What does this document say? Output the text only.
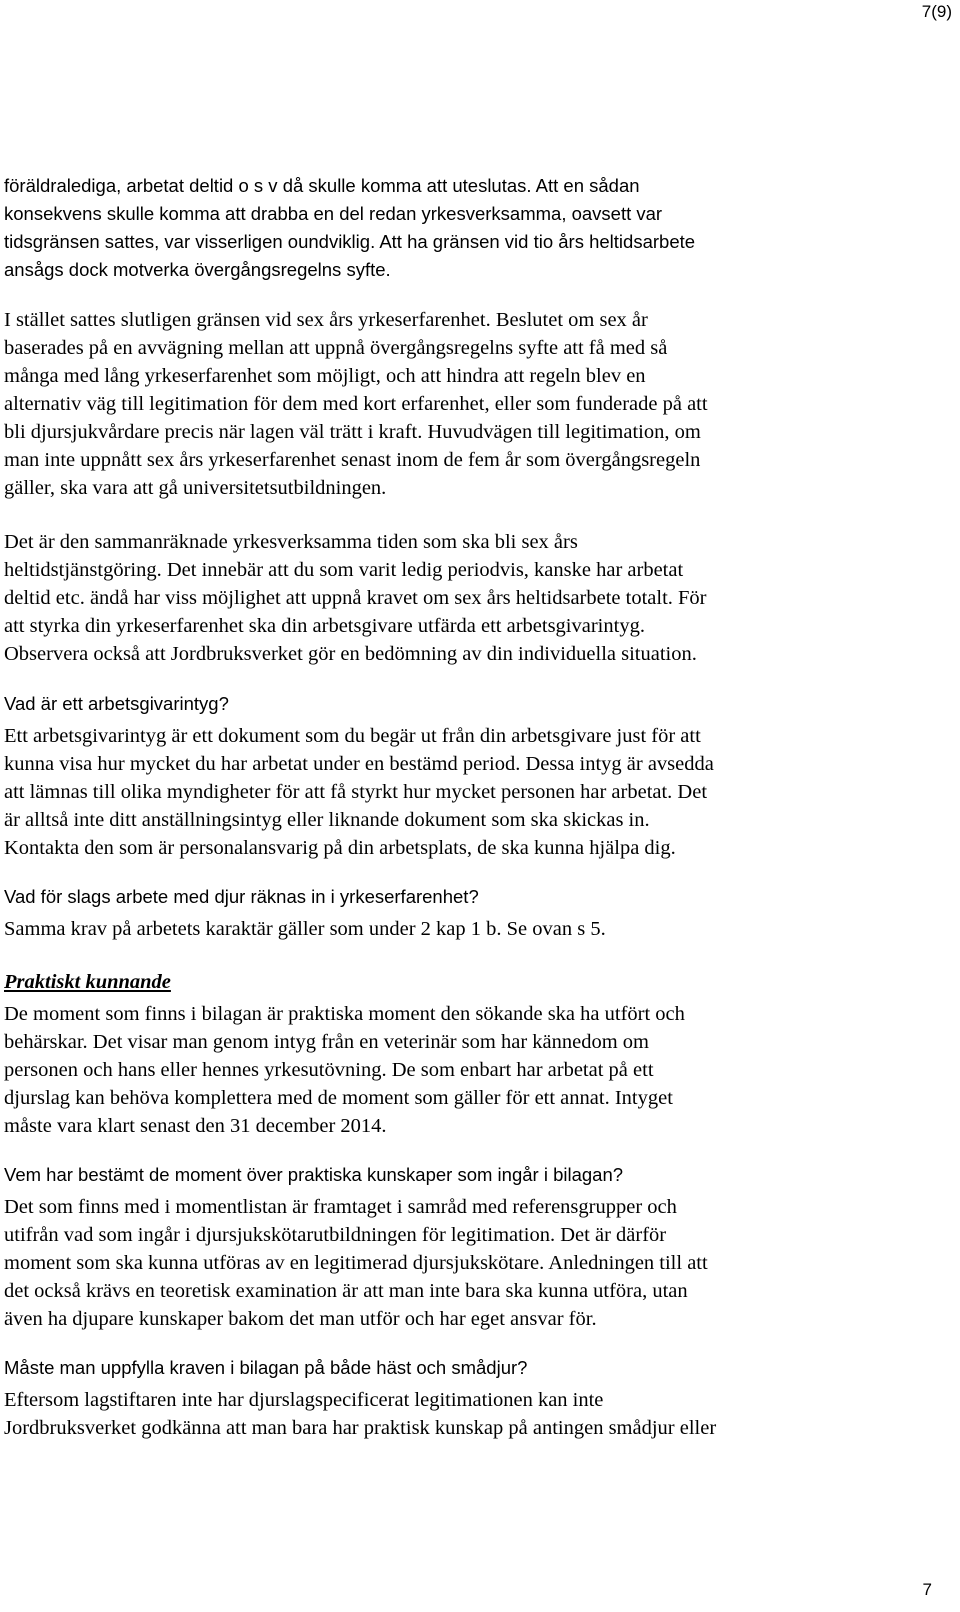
7(9)
föräldralediga, arbetat deltid o s v då skulle komma att uteslutas. Att en sådan
konsekvens skulle komma att drabba en del redan yrkesverksamma, oavsett var
tidsgränsen sattes, var visserligen oundviklig. Att ha gränsen vid tio års heltidsarbete
ansågs dock motverka övergångsregelns syfte.
I stället sattes slutligen gränsen vid sex års yrkeserfarenhet. Beslutet om sex år
baserades på en avvägning mellan att uppnå övergångsregelns syfte att få med så
många med lång yrkeserfarenhet som möjligt, och att hindra att regeln blev en
alternativ väg till legitimation för dem med kort erfarenhet, eller som funderade på att
bli djursjukvårdare precis när lagen väl trätt i kraft. Huvudvägen till legitimation, om
man inte uppnått sex års yrkeserfarenhet senast inom de fem år som övergångsregeln
gäller, ska vara att gå universitetsutbildningen.
Det är den sammanräknade yrkesverksamma tiden som ska bli sex års
heltidstjänstgöring. Det innebär att du som varit ledig periodvis, kanske har arbetat
deltid etc. ändå har viss möjlighet att uppnå kravet om sex års heltidsarbete totalt. För
att styrka din yrkeserfarenhet ska din arbetsgivare utfärda ett arbetsgivarintyg.
Observera också att Jordbruksverket gör en bedömning av din individuella situation.
Vad är ett arbetsgivarintyg?
Ett arbetsgivarintyg är ett dokument som du begär ut från din arbetsgivare just för att
kunna visa hur mycket du har arbetat under en bestämd period. Dessa intyg är avsedda
att lämnas till olika myndigheter för att få styrkt hur mycket personen har arbetat. Det
är alltså inte ditt anställningsintyg eller liknande dokument som ska skickas in.
Kontakta den som är personalansvarig på din arbetsplats, de ska kunna hjälpa dig.
Vad för slags arbete med djur räknas in i yrkeserfarenhet?
Samma krav på arbetets karaktär gäller som under 2 kap 1 b. Se ovan s 5.
Praktiskt kunnande
De moment som finns i bilagan är praktiska moment den sökande ska ha utfört och
behärskar. Det visar man genom intyg från en veterinär som har kännedom om
personen och hans eller hennes yrkesutövning. De som enbart har arbetat på ett
djurslag kan behöva komplettera med de moment som gäller för ett annat. Intyget
måste vara klart senast den 31 december 2014.
Vem har bestämt de moment över praktiska kunskaper som ingår i bilagan?
Det som finns med i momentlistan är framtaget i samråd med referensgrupper och
utifrån vad som ingår i djursjukskötarutbildningen för legitimation. Det är därför
moment som ska kunna utföras av en legitimerad djursjukskötare. Anledningen till att
det också krävs en teoretisk examination är att man inte bara ska kunna utföra, utan
även ha djupare kunskaper bakom det man utför och har eget ansvar för.
Måste man uppfylla kraven i bilagan på både häst och smådjur?
Eftersom lagstiftaren inte har djurslagspecificerat legitimationen kan inte
Jordbruksverket godkänna att man bara har praktisk kunskap på antingen smådjur eller
7
